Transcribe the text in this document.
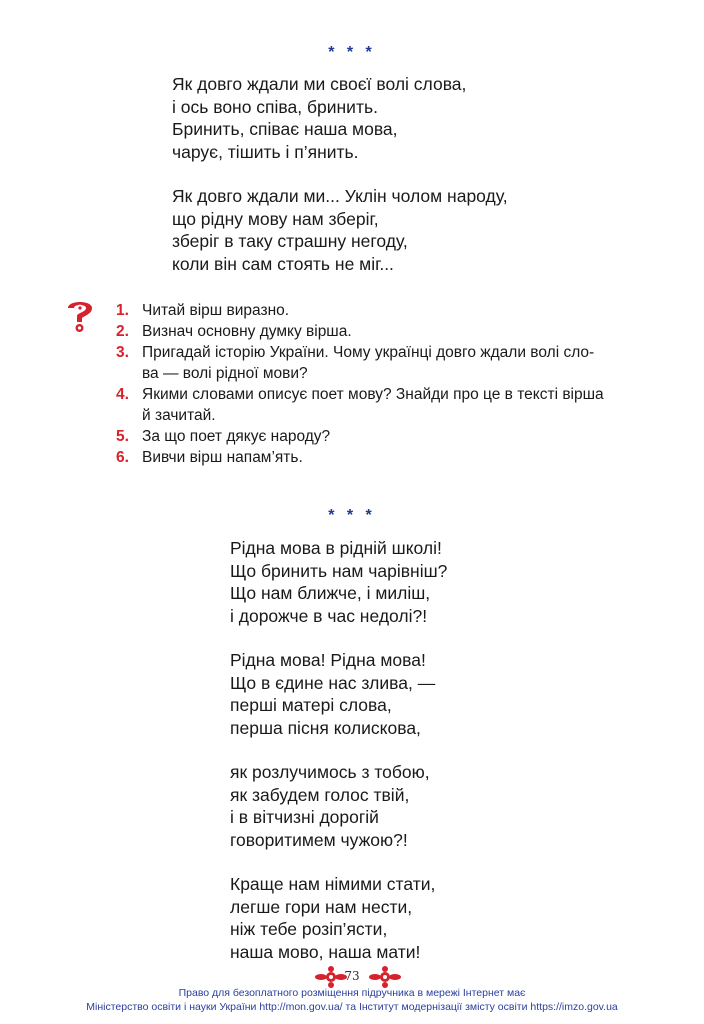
* * *
Як довго ждали ми своєї волі слова,
і ось воно співа, бринить.
Бринить, співає наша мова,
чарує, тішить і п’янить.
Як довго ждали ми... Уклін чолом народу,
що рідну мову нам зберіг,
зберіг в таку страшну негоду,
коли він сам стоять не міг...
1. Читай вірш виразно.
2. Визнач основну думку вірша.
3. Пригадай історію України. Чому українці довго ждали волі сло-
ва — волі рідної мови?
4. Якими словами описує поет мову? Знайди про це в тексті вірша
й зачитай.
5. За що поет дякує народу?
6. Вивчи вірш напам’ять.
* * *
Рідна мова в рідній школі!
Що бринить нам чарівніш?
Що нам ближче, і миліш,
і дорожче в час недолі?!
Рідна мова! Рідна мова!
Що в єдине нас злива, —
перші матері слова,
перша пісня колискова,
як розлучимось з тобою,
як забудем голос твій,
і в вітчизні дорогій
говоритимем чужою?!
Краще нам німими стати,
легше гори нам нести,
ніж тебе розіп’ясти,
наша мово, наша мати!
73
Право для безоплатного розміщення підручника в мережі Інтернет має
Міністерство освіти і науки України http://mon.gov.ua/ та Інститут модернізації змісту освіти https://imzo.gov.ua
